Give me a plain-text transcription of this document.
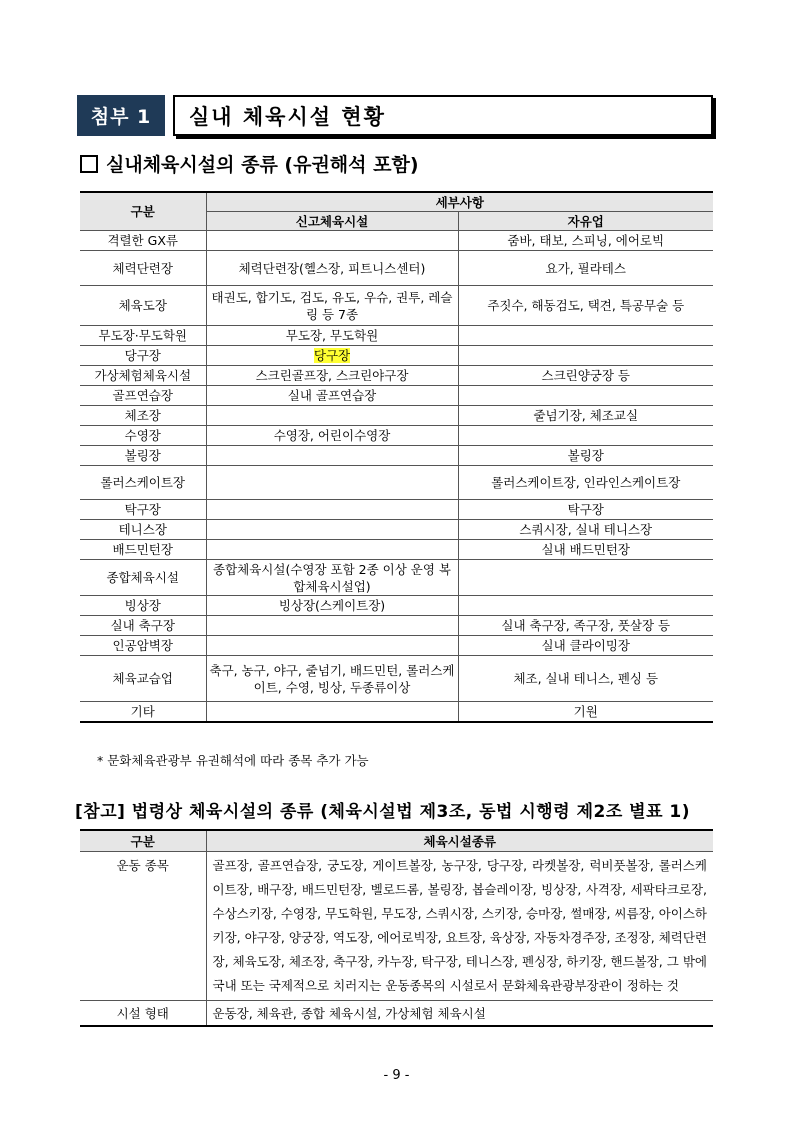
첨부 1	실내 체육시설 현황
실내체육시설의 종류 (유권해석 포함)
구분	세부사항	
	신고체육시설	자유업
격렬한 GX류		줌바, 태보, 스피닝, 에어로빅
체력단련장	체력단련장(헬스장, 피트니스센터)	요가, 필라테스
체육도장	태권도, 합기도, 검도, 유도, 우슈, 권투, 레슬링 등 7종	주짓수, 해동검도, 택견, 특공무술 등
무도장·무도학원	무도장, 무도학원	
당구장	당구장	
가상체험체육시설	스크린골프장, 스크린야구장	스크린양궁장 등
골프연습장	실내 골프연습장	
체조장		줄넘기장, 체조교실
수영장	수영장, 어린이수영장	
볼링장		볼링장
롤러스케이트장		롤러스케이트장, 인라인스케이트장
탁구장		탁구장
테니스장		스쿼시장, 실내 테니스장
배드민턴장		실내 배드민턴장
종합체육시설	종합체육시설(수영장 포함 2종 이상 운영 복합체육시설업)	
빙상장	빙상장(스케이트장)	
실내 축구장		실내 축구장, 족구장, 풋살장 등
인공암벽장		실내 클라이밍장
체육교습업	축구, 농구, 야구, 줄넘기, 배드민턴, 롤러스케이트, 수영, 빙상, 두종류이상	체조, 실내 테니스, 펜싱 등
기타		기원
* 문화체육관광부 유권해석에 따라 종목 추가 가능
[참고] 법령상 체육시설의 종류 (체육시설법 제3조, 동법 시행령 제2조 별표 1)
구분	체육시설종류
운동 종목	골프장, 골프연습장, 궁도장, 게이트볼장, 농구장, 당구장, 라켓볼장, 럭비풋볼장, 롤러스케이트장, 배구장, 배드민턴장, 벨로드롬, 볼링장, 봅슬레이장, 빙상장, 사격장, 세팍타크로장, 수상스키장, 수영장, 무도학원, 무도장, 스쿼시장, 스키장, 승마장, 썰매장, 씨름장, 아이스하키장, 야구장, 양궁장, 역도장, 에어로빅장, 요트장, 육상장, 자동차경주장, 조정장, 체력단련장, 체육도장, 체조장, 축구장, 카누장, 탁구장, 테니스장, 펜싱장, 하키장, 핸드볼장, 그 밖에 국내 또는 국제적으로 치러지는 운동종목의 시설로서 문화체육관광부장관이 정하는 것
시설 형태	운동장, 체육관, 종합 체육시설, 가상체험 체육시설
- 9 -
